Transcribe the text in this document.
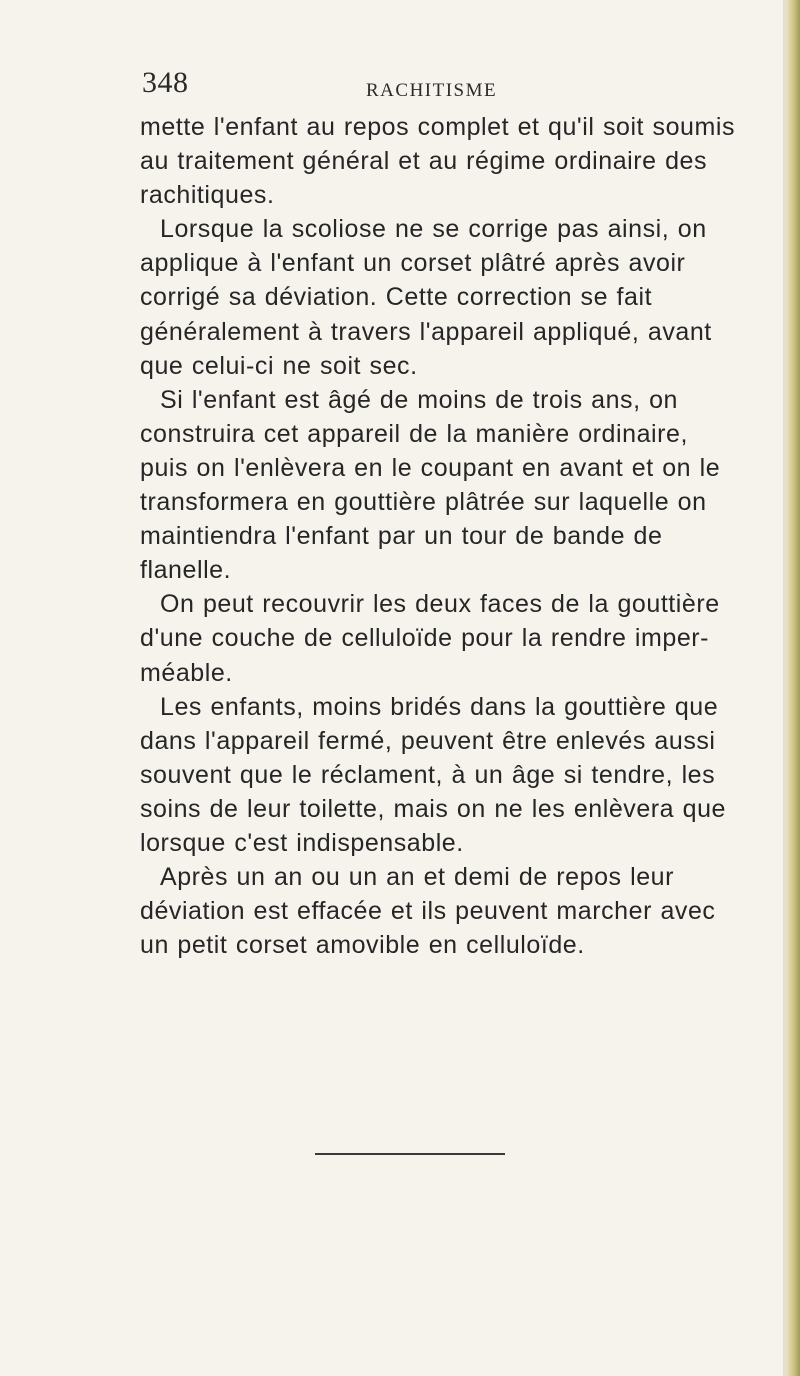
348	RACHITISME
mette l'enfant au repos complet et qu'il soit soumis
au traitement général et au régime ordinaire des
rachitiques.
Lorsque la scoliose ne se corrige pas ainsi, on
applique à l'enfant un corset plâtré après avoir
corrigé sa déviation. Cette correction se fait
généralement à travers l'appareil appliqué, avant
que celui-ci ne soit sec.
Si l'enfant est âgé de moins de trois ans, on
construira cet appareil de la manière ordinaire,
puis on l'enlèvera en le coupant en avant et on le
transformera en gouttière plâtrée sur laquelle on
maintiendra l'enfant par un tour de bande de
flanelle.
On peut recouvrir les deux faces de la gouttière
d'une couche de celluloïde pour la rendre imper-
méable.
Les enfants, moins bridés dans la gouttière que
dans l'appareil fermé, peuvent être enlevés aussi
souvent que le réclament, à un âge si tendre, les
soins de leur toilette, mais on ne les enlèvera que
lorsque c'est indispensable.
Après un an ou un an et demi de repos leur
déviation est effacée et ils peuvent marcher avec
un petit corset amovible en celluloïde.
